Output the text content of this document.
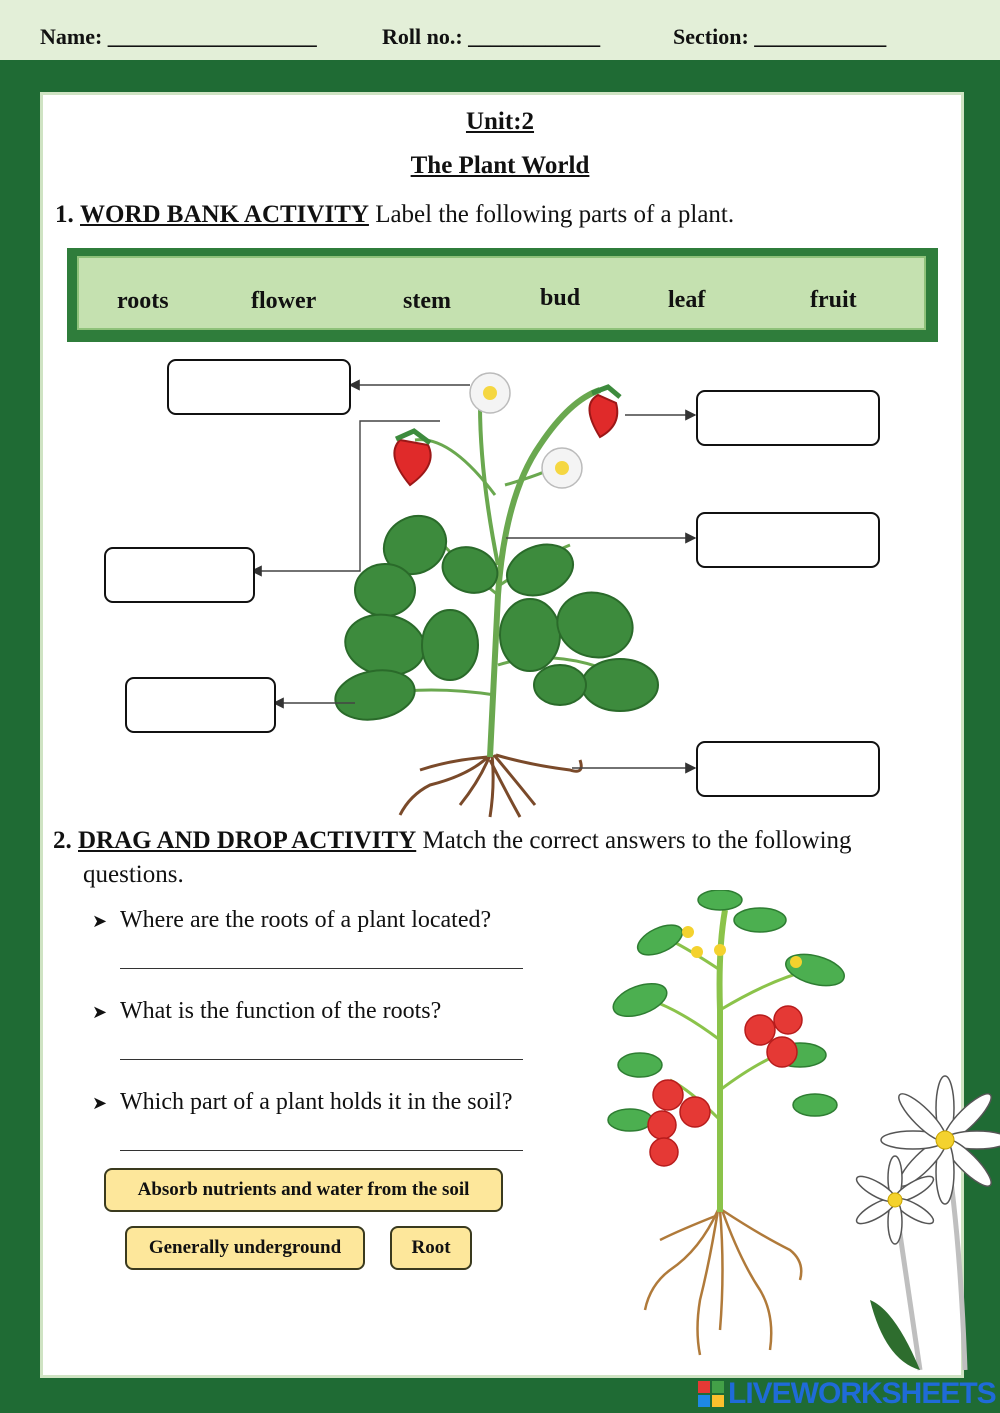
Name: ___________________	Roll no.: ____________	Section: ____________
Unit:2
The Plant World
1. WORD BANK ACTIVITY Label the following parts of a plant.
roots	flower	stem	bud	leaf	fruit
2. DRAG AND DROP ACTIVITY Match the correct answers to the following
questions.
➤ Where are the roots of a plant located?
➤ What is the function of the roots?
➤ Which part of a plant holds it in the soil?
Absorb nutrients and water from the soil
Generally underground	Root
LIVEWORKSHEETS
